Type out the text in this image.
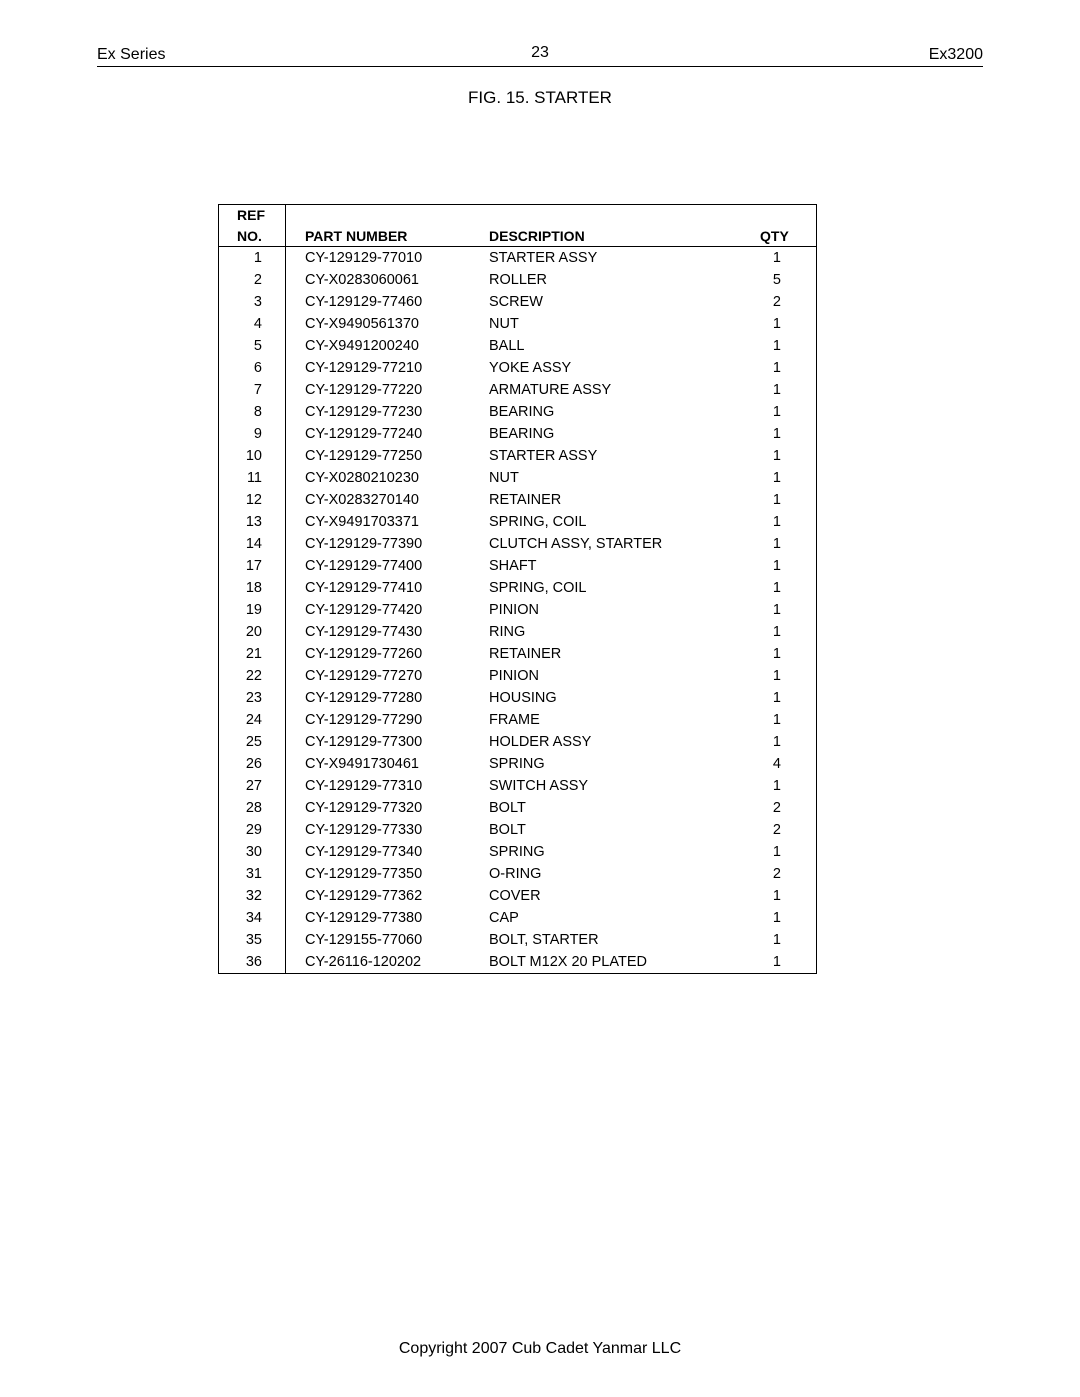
Ex Series	23	Ex3200
FIG. 15. STARTER
REF
NO.	PART NUMBER	DESCRIPTION	QTY
1	CY-129129-77010	STARTER ASSY	1
2	CY-X0283060061	ROLLER	5
3	CY-129129-77460	SCREW	2
4	CY-X9490561370	NUT	1
5	CY-X9491200240	BALL	1
6	CY-129129-77210	YOKE ASSY	1
7	CY-129129-77220	ARMATURE ASSY	1
8	CY-129129-77230	BEARING	1
9	CY-129129-77240	BEARING	1
10	CY-129129-77250	STARTER ASSY	1
11	CY-X0280210230	NUT	1
12	CY-X0283270140	RETAINER	1
13	CY-X9491703371	SPRING, COIL	1
14	CY-129129-77390	CLUTCH ASSY, STARTER	1
17	CY-129129-77400	SHAFT	1
18	CY-129129-77410	SPRING, COIL	1
19	CY-129129-77420	PINION	1
20	CY-129129-77430	RING	1
21	CY-129129-77260	RETAINER	1
22	CY-129129-77270	PINION	1
23	CY-129129-77280	HOUSING	1
24	CY-129129-77290	FRAME	1
25	CY-129129-77300	HOLDER ASSY	1
26	CY-X9491730461	SPRING	4
27	CY-129129-77310	SWITCH ASSY	1
28	CY-129129-77320	BOLT	2
29	CY-129129-77330	BOLT	2
30	CY-129129-77340	SPRING	1
31	CY-129129-77350	O-RING	2
32	CY-129129-77362	COVER	1
34	CY-129129-77380	CAP	1
35	CY-129155-77060	BOLT, STARTER	1
36	CY-26116-120202	BOLT M12X 20 PLATED	1
Copyright 2007 Cub Cadet Yanmar LLC
